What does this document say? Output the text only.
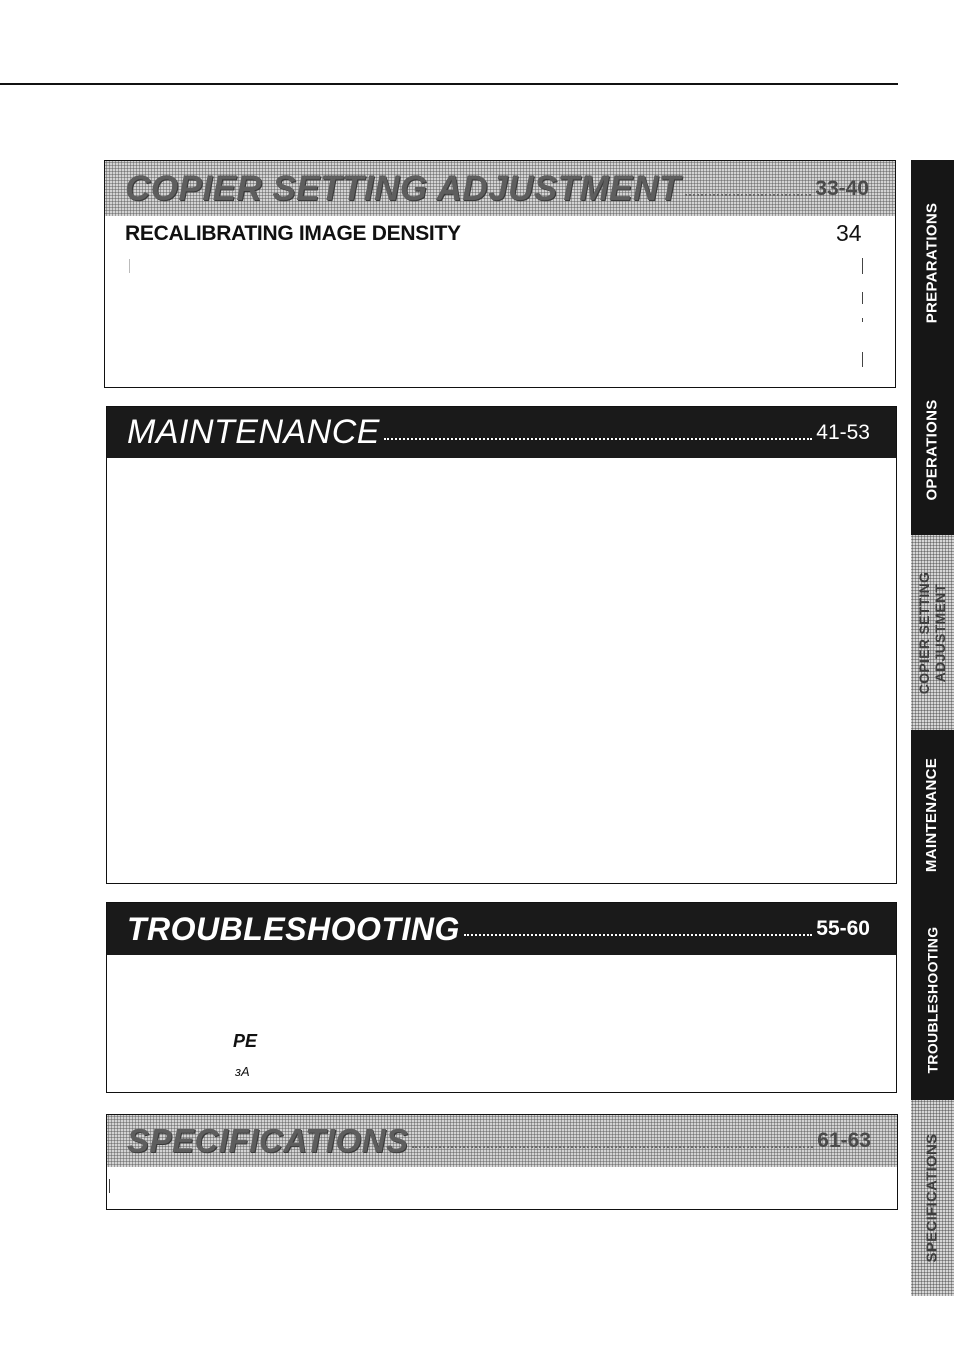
COPIER SETTING ADJUSTMENT	33-40
RECALIBRATING IMAGE DENSITY	34
MAINTENANCE	41-53
TROUBLESHOOTING	55-60
PE
ɜA
SPECIFICATIONS	61-63
PREPARATIONS
OPERATIONS
COPIER SETTING
ADJUSTMENT
MAINTENANCE
TROUBLESHOOTING
SPECIFICATIONS
